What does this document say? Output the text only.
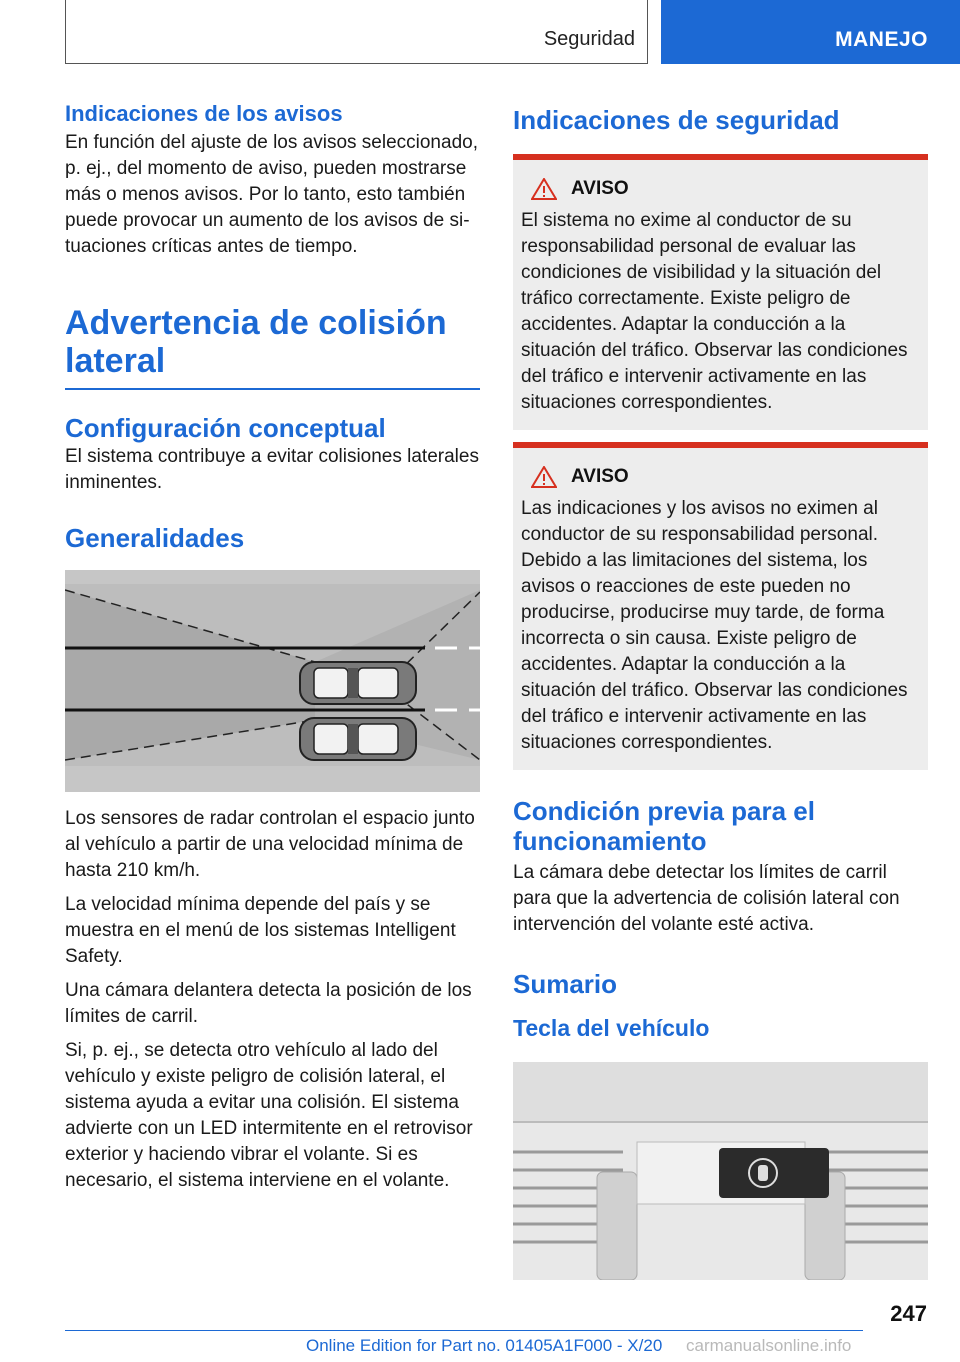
Seguridad	MANEJO
Indicaciones de los avisos

En función del ajuste de los avisos seleccionado, p. ej., del momento de aviso, pueden mostrarse más o menos avisos. Por lo tanto, esto también puede provocar un aumento de los avisos de situaciones críticas antes de tiempo.

Advertencia de colisión lateral
Configuración conceptual

El sistema contribuye a evitar colisiones laterales inminentes.

Generalidades

Los sensores de radar controlan el espacio junto al vehículo a partir de una velocidad mínima de hasta 210 km/h.

La velocidad mínima depende del país y se muestra en el menú de los sistemas Intelligent Safety.

Una cámara delantera detecta la posición de los límites de carril.

Si, p. ej., se detecta otro vehículo al lado del vehículo y existe peligro de colisión lateral, el sistema ayuda a evitar una colisión. El sistema advierte con un LED intermitente en el retrovisor exterior y haciendo vibrar el volante. Si es necesario, el sistema interviene en el volante.

Indicaciones de seguridad
AVISO

El sistema no exime al conductor de su responsabilidad personal de evaluar las condiciones de visibilidad y la situación del tráfico correctamente. Existe peligro de accidentes. Adaptar la conducción a la situación del tráfico. Observar las condiciones del tráfico e intervenir activamente en las situaciones correspondientes.

AVISO

Las indicaciones y los avisos no eximen al conductor de su responsabilidad personal. Debido a las limitaciones del sistema, los avisos o reacciones de este pueden no producirse, producirse muy tarde, de forma incorrecta o sin causa. Existe peligro de accidentes. Adaptar la conducción a la situación del tráfico. Observar las condiciones del tráfico e intervenir activamente en las situaciones correspondientes.

Condición previa para el funcionamiento

La cámara debe detectar los límites de carril para que la advertencia de colisión lateral con intervención del volante esté activa.

Sumario
Tecla del vehículo
247
Online Edition for Part no. 01405A1F000 - X/20 carmanualsonline.info
